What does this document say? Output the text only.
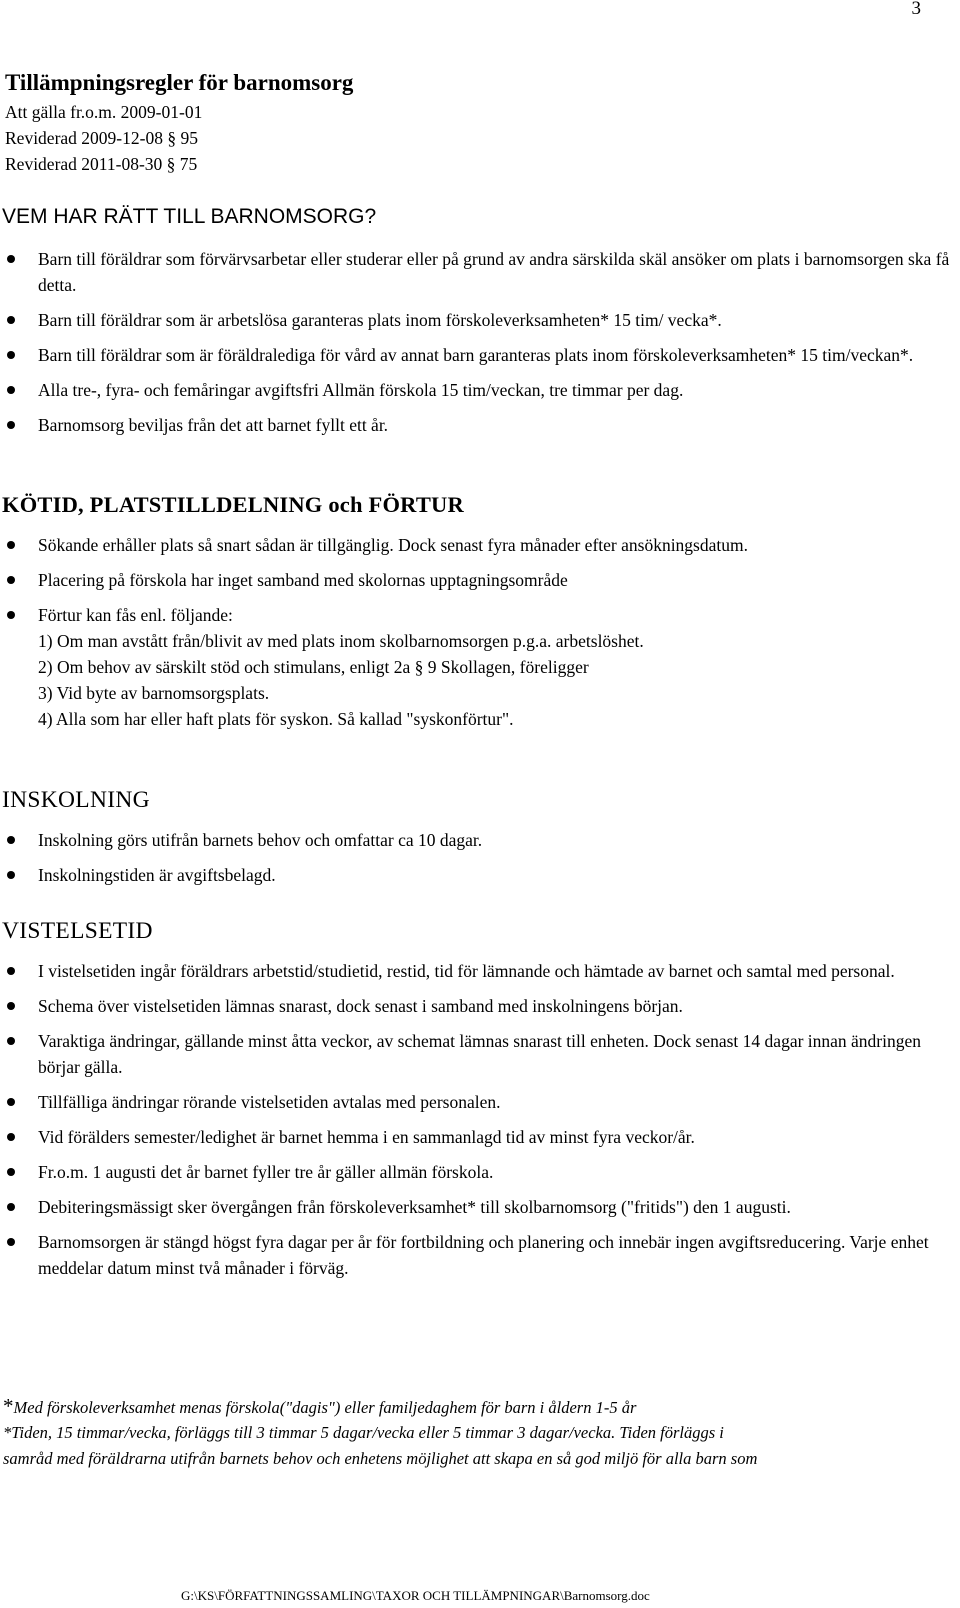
3
Tillämpningsregler för barnomsorg
Att gälla fr.o.m. 2009-01-01
Reviderad 2009-12-08 § 95
Reviderad 2011-08-30 § 75
VEM HAR RÄTT TILL BARNOMSORG?
Barn till föräldrar som förvärvsarbetar eller studerar eller på grund av andra särskilda skäl ansöker om plats i barnomsorgen ska få detta.
Barn till föräldrar som är arbetslösa garanteras plats inom förskoleverksamheten* 15 tim/ vecka*.
Barn till föräldrar som är föräldralediga för vård av annat barn garanteras plats inom förskoleverksamheten* 15 tim/veckan*.
Alla tre-, fyra- och femåringar avgiftsfri Allmän förskola 15 tim/veckan, tre timmar per dag.
Barnomsorg beviljas från det att barnet fyllt ett år.
KÖTID, PLATSTILLDELNING och FÖRTUR
Sökande erhåller plats så snart sådan är tillgänglig. Dock senast fyra månader efter ansökningsdatum.
Placering på förskola har inget samband med skolornas upptagningsområde
Förtur kan fås enl. följande:
1) Om man avstått från/blivit av med plats inom skolbarnomsorgen p.g.a. arbetslöshet.
2) Om behov av särskilt stöd och stimulans, enligt 2a § 9 Skollagen, föreligger
3) Vid byte av barnomsorgsplats.
4) Alla som har eller haft plats för syskon. Så kallad "syskonförtur".
INSKOLNING
Inskolning görs utifrån barnets behov och omfattar ca 10 dagar.
Inskolningstiden är avgiftsbelagd.
VISTELSETID
I vistelsetiden ingår föräldrars arbetstid/studietid, restid, tid för lämnande och hämtade av barnet och samtal med personal.
Schema över vistelsetiden lämnas snarast, dock senast i samband med inskolningens början.
Varaktiga ändringar, gällande minst åtta veckor, av schemat lämnas snarast till enheten. Dock senast 14 dagar innan ändringen börjar gälla.
Tillfälliga ändringar rörande vistelsetiden avtalas med personalen.
Vid förälders semester/ledighet är barnet hemma i en sammanlagd tid av minst fyra veckor/år.
Fr.o.m. 1 augusti det år barnet fyller tre år gäller allmän förskola.
Debiteringsmässigt sker övergången från förskoleverksamhet* till skolbarnomsorg ("fritids") den 1 augusti.
Barnomsorgen är stängd högst fyra dagar per år för fortbildning och planering och innebär ingen avgiftsreducering. Varje enhet meddelar datum minst två månader i förväg.
*Med förskoleverksamhet menas förskola("dagis") eller familjedaghem för barn i åldern 1-5 år
*Tiden, 15 timmar/vecka, förläggs till 3 timmar 5 dagar/vecka eller 5 timmar 3 dagar/vecka. Tiden förläggs i
samråd med föräldrarna utifrån barnets behov och enhetens möjlighet att skapa en så god miljö för alla barn som
G:\KS\FÖRFATTNINGSSAMLING\TAXOR OCH TILLÄMPNINGAR\Barnomsorg.doc
